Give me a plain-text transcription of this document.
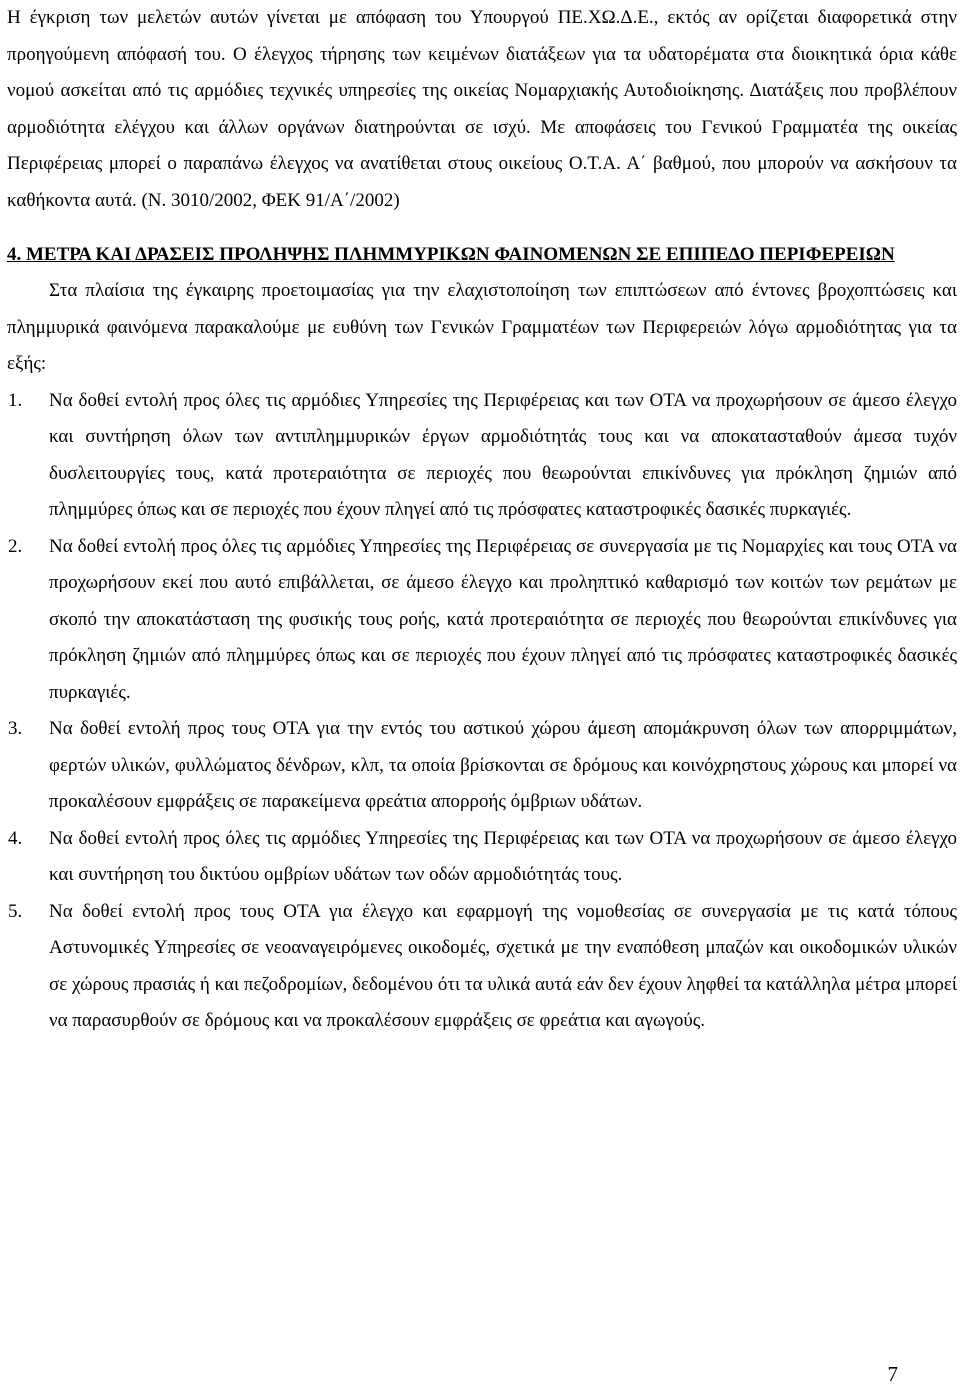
Η έγκριση των μελετών αυτών γίνεται με απόφαση του Υπουργού ΠΕ.ΧΩ.Δ.Ε., εκτός αν ορίζεται διαφορετικά στην προηγούμενη απόφασή του. Ο έλεγχος τήρησης των κειμένων διατάξεων για τα υδατορέματα στα διοικητικά όρια κάθε νομού ασκείται από τις αρμόδιες τεχνικές υπηρεσίες της οικείας Νομαρχιακής Αυτοδιοίκησης. Διατάξεις που προβλέπουν αρμοδιότητα ελέγχου και άλλων οργάνων διατηρούνται σε ισχύ. Με αποφάσεις του Γενικού Γραμματέα της οικείας Περιφέρειας μπορεί ο παραπάνω έλεγχος να ανατίθεται στους οικείους Ο.Τ.Α. Α΄ βαθμού, που μπορούν να ασκήσουν τα καθήκοντα αυτά. (Ν. 3010/2002, ΦΕΚ 91/Α΄/2002)

4. ΜΕΤΡΑ ΚΑΙ ΔΡΑΣΕΙΣ ΠΡΟΛΗΨΗΣ ΠΛΗΜΜΥΡΙΚΩΝ ΦΑΙΝΟΜΕΝΩΝ ΣΕ ΕΠΙΠΕΔΟ ΠΕΡΙΦΕΡΕΙΩΝ

Στα πλαίσια της έγκαιρης προετοιμασίας για την ελαχιστοποίηση των επιπτώσεων από έντονες βροχοπτώσεις και πλημμυρικά φαινόμενα παρακαλούμε με ευθύνη των Γενικών Γραμματέων των Περιφερειών λόγω αρμοδιότητας για τα εξής:

1. Να δοθεί εντολή προς όλες τις αρμόδιες Υπηρεσίες της Περιφέρειας και των ΟΤΑ να προχωρήσουν σε άμεσο έλεγχο και συντήρηση όλων των αντιπλημμυρικών έργων αρμοδιότητάς τους και να αποκατασταθούν άμεσα τυχόν δυσλειτουργίες τους, κατά προτεραιότητα σε περιοχές που θεωρούνται επικίνδυνες για πρόκληση ζημιών από πλημμύρες όπως και σε περιοχές που έχουν πληγεί από τις πρόσφατες καταστροφικές δασικές πυρκαγιές.
2. Να δοθεί εντολή προς όλες τις αρμόδιες Υπηρεσίες της Περιφέρειας σε συνεργασία με τις Νομαρχίες και τους ΟΤΑ να προχωρήσουν εκεί που αυτό επιβάλλεται, σε άμεσο έλεγχο και προληπτικό καθαρισμό των κοιτών των ρεμάτων με σκοπό την αποκατάσταση της φυσικής τους ροής, κατά προτεραιότητα σε περιοχές που θεωρούνται επικίνδυνες για πρόκληση ζημιών από πλημμύρες όπως και σε περιοχές που έχουν πληγεί από τις πρόσφατες καταστροφικές δασικές πυρκαγιές.
3. Να δοθεί εντολή προς τους ΟΤΑ για την εντός του αστικού χώρου άμεση απομάκρυνση όλων των απορριμμάτων, φερτών υλικών, φυλλώματος δένδρων, κλπ, τα οποία βρίσκονται σε δρόμους και κοινόχρηστους χώρους και μπορεί να προκαλέσουν εμφράξεις σε παρακείμενα φρεάτια απορροής όμβριων υδάτων.
4. Να δοθεί εντολή προς όλες τις αρμόδιες Υπηρεσίες της Περιφέρειας και των ΟΤΑ να προχωρήσουν σε άμεσο έλεγχο και συντήρηση του δικτύου ομβρίων υδάτων των οδών αρμοδιότητάς τους.
5. Να δοθεί εντολή προς τους ΟΤΑ για έλεγχο και εφαρμογή της νομοθεσίας σε συνεργασία με τις κατά τόπους Αστυνομικές Υπηρεσίες σε νεοαναγειρόμενες οικοδομές, σχετικά με την εναπόθεση μπαζών και οικοδομικών υλικών σε χώρους πρασιάς ή και πεζοδρομίων, δεδομένου ότι τα υλικά αυτά εάν δεν έχουν ληφθεί τα κατάλληλα μέτρα μπορεί να παρασυρθούν σε δρόμους και να προκαλέσουν εμφράξεις σε φρεάτια και αγωγούς.
7
